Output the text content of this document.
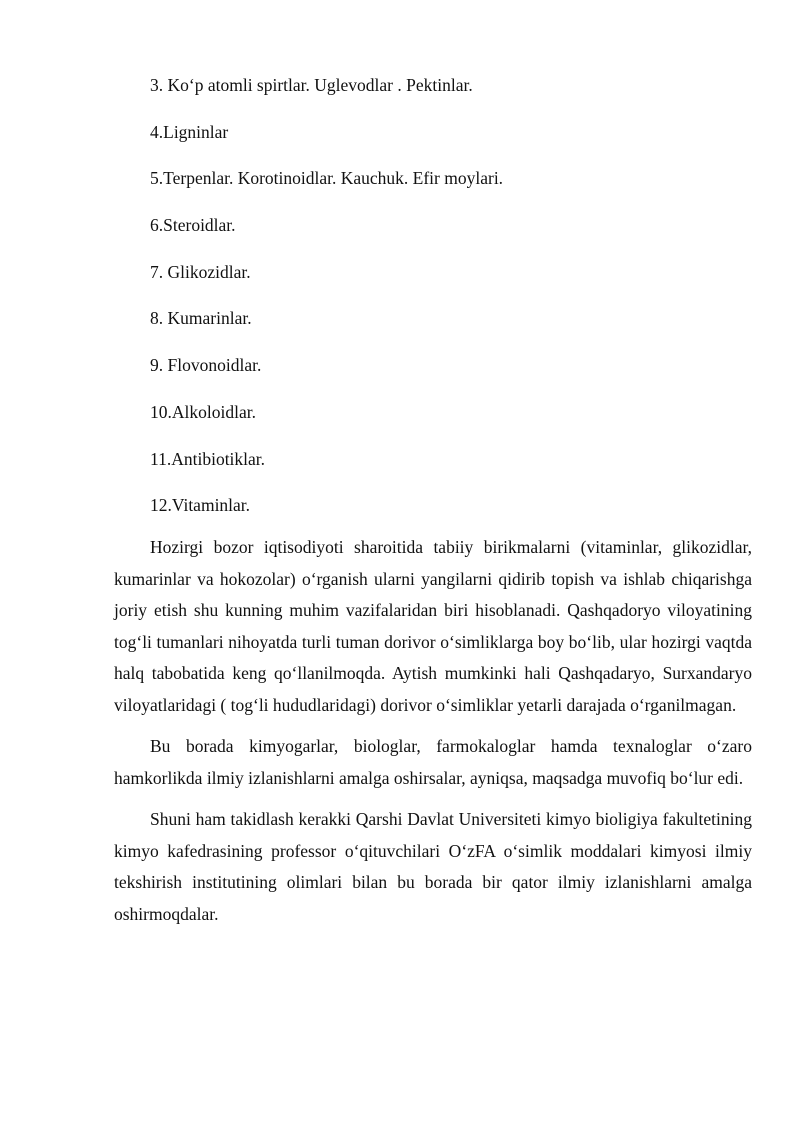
3. Ko‘p atomli spirtlar. Uglevodlar . Pektinlar.
4.Ligninlar
5.Terpenlar. Korotinoidlar. Kauchuk. Efir moylari.
6.Steroidlar.
7. Glikozidlar.
8. Kumarinlar.
9. Flovonoidlar.
10.Alkoloidlar.
11.Antibiotiklar.
12.Vitaminlar.

Hozirgi bozor iqtisodiyoti sharoitida tabiiy birikmalarni (vitaminlar, glikozidlar, kumarinlar va hokozolar) o‘rganish ularni yangilarni qidirib topish va ishlab chiqarishga joriy etish shu kunning muhim vazifalaridan biri hisoblanadi. Qashqadoryo viloyatining tog‘li tumanlari nihoyatda turli tuman dorivor o‘simliklarga boy bo‘lib, ular hozirgi vaqtda halq tabobatida keng qo‘llanilmoqda. Aytish mumkinki hali Qashqadaryo, Surxandaryo viloyatlaridagi ( tog‘li hududlaridagi) dorivor o‘simliklar yetarli darajada o‘rganilmagan.

Bu borada kimyogarlar, biologlar, farmokaloglar hamda texnaloglar o‘zaro hamkorlikda ilmiy izlanishlarni amalga oshirsalar, ayniqsa, maqsadga muvofiq bo‘lur edi.

Shuni ham takidlash kerakki Qarshi Davlat Universiteti kimyo bioligiya fakultetining kimyo kafedrasining professor o‘qituvchilari O‘zFA o‘simlik moddalari kimyosi ilmiy tekshirish institutining olimlari bilan bu borada bir qator ilmiy izlanishlarni amalga oshirmoqdalar.
